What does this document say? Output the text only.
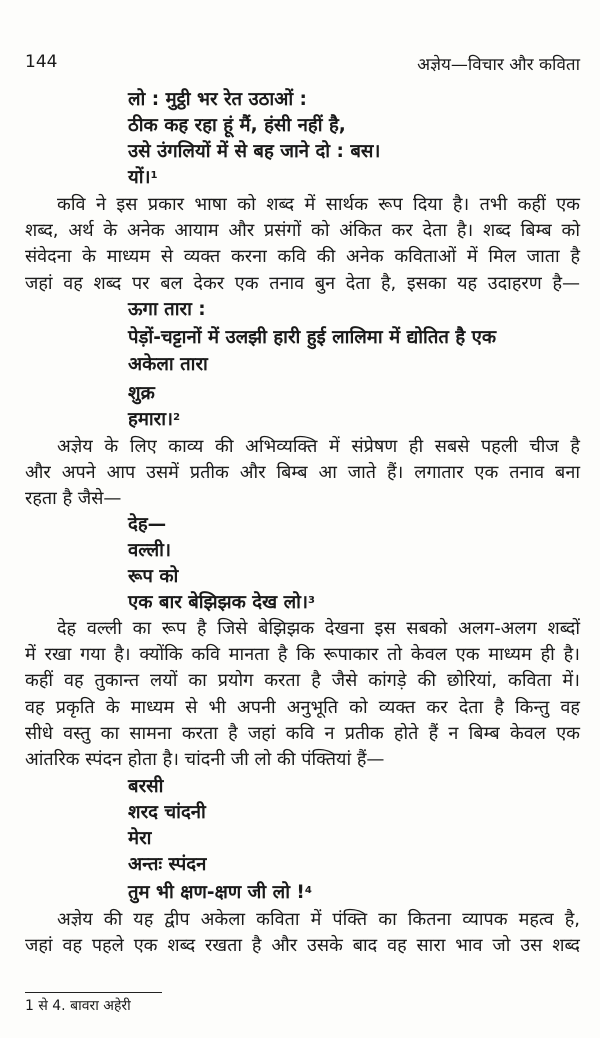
144	अज्ञेय—विचार और कविता
लो : मुट्ठी भर रेत उठाओं :
ठीक कह रहा हूं मैं, हंसी नहीं है,
उसे उंगलियों में से बह जाने दो : बस।
यों।$^1$
कवि ने इस प्रकार भाषा को शब्द में सार्थक रूप दिया है। तभी कहीं एक
शब्द, अर्थ के अनेक आयाम और प्रसंगों को अंकित कर देता है। शब्द बिम्ब को
संवेदना के माध्यम से व्यक्त करना कवि की अनेक कविताओं में मिल जाता है
जहां वह शब्द पर बल देकर एक तनाव बुन देता है, इसका यह उदाहरण है—
ऊगा तारा :
पेड़ों-चट्टानों में उलझी हारी हुई लालिमा में द्योतित है एक
अकेला तारा
शुक्र
हमारा।$^2$
अज्ञेय के लिए काव्य की अभिव्यक्ति में संप्रेषण ही सबसे पहली चीज है
और अपने आप उसमें प्रतीक और बिम्ब आ जाते हैं। लगातार एक तनाव बना
रहता है जैसे—
देह—
वल्ली।
रूप को
एक बार बेझिझक देख लो।$^3$
देह वल्ली का रूप है जिसे बेझिझक देखना इस सबको अलग-अलग शब्दों
में रखा गया है। क्योंकि कवि मानता है कि रूपाकार तो केवल एक माध्यम ही है।
कहीं वह तुकान्त लयों का प्रयोग करता है जैसे कांगड़े की छोरियां, कविता में।
वह प्रकृति के माध्यम से भी अपनी अनुभूति को व्यक्त कर देता है किन्तु वह
सीधे वस्तु का सामना करता है जहां कवि न प्रतीक होते हैं न बिम्ब केवल एक
आंतरिक स्पंदन होता है। चांदनी जी लो की पंक्तियां हैं—
बरसी
शरद चांदनी
मेरा
अन्तः स्पंदन
तुम भी क्षण-क्षण जी लो !$^4$
अज्ञेय की यह द्वीप अकेला कविता में पंक्ति का कितना व्यापक महत्व है,
जहां वह पहले एक शब्द रखता है और उसके बाद वह सारा भाव जो उस शब्द
1 से 4. बावरा अहेरी
